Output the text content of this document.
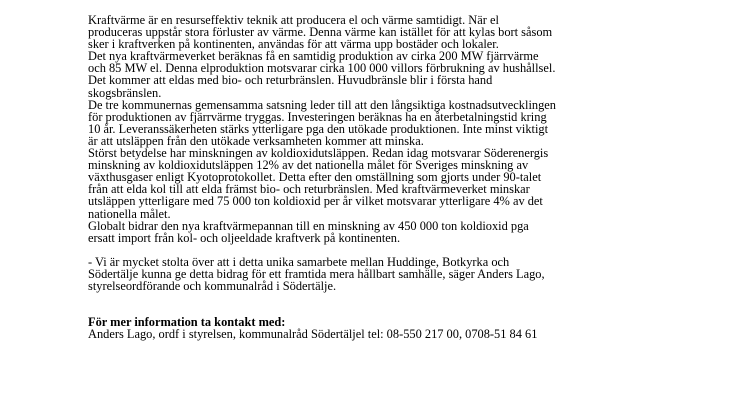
Kraftvärme är en resurseffektiv teknik att producera el och värme samtidigt. När el
produceras uppstår stora förluster av värme. Denna värme kan istället för att kylas bort såsom
sker i kraftverken på kontinenten, användas för att värma upp bostäder och lokaler.
Det nya kraftvärmeverket beräknas få en samtidig produktion av cirka 200 MW fjärrvärme
och 85 MW el. Denna elproduktion motsvarar cirka 100 000 villors förbrukning av hushållsel.
Det kommer att eldas med bio- och returbränslen. Huvudbränsle blir i första hand
skogsbränslen.
De tre kommunernas gemensamma satsning leder till att den långsiktiga kostnadsutvecklingen
för produktionen av fjärrvärme tryggas. Investeringen beräknas ha en återbetalningstid kring
10 år. Leveranssäkerheten stärks ytterligare pga den utökade produktionen. Inte minst viktigt
är att utsläppen från den utökade verksamheten kommer att minska.
Störst betydelse har minskningen av koldioxidutsläppen. Redan idag motsvarar Söderenergis
minskning av koldioxidutsläppen 12% av det nationella målet för Sveriges minskning av
växthusgaser enligt Kyotoprotokollet. Detta efter den omställning som gjorts under 90-talet
från att elda kol till att elda främst bio- och returbränslen. Med kraftvärmeverket minskar
utsläppen ytterligare med 75 000 ton koldioxid per år vilket motsvarar ytterligare 4% av det
nationella målet.
Globalt bidrar den nya kraftvärmepannan till en minskning av 450 000 ton koldioxid pga
ersatt import från kol- och oljeeldade kraftverk på kontinenten.
- Vi är mycket stolta över att i detta unika samarbete mellan Huddinge, Botkyrka och
Södertälje kunna ge detta bidrag för ett framtida mera hållbart samhälle, säger Anders Lago,
styrelseordförande och kommunalråd i Södertälje.
För mer information ta kontakt med:
Anders Lago, ordf i styrelsen, kommunalråd Södertäljel tel: 08-550 217 00, 0708-51 84 61
